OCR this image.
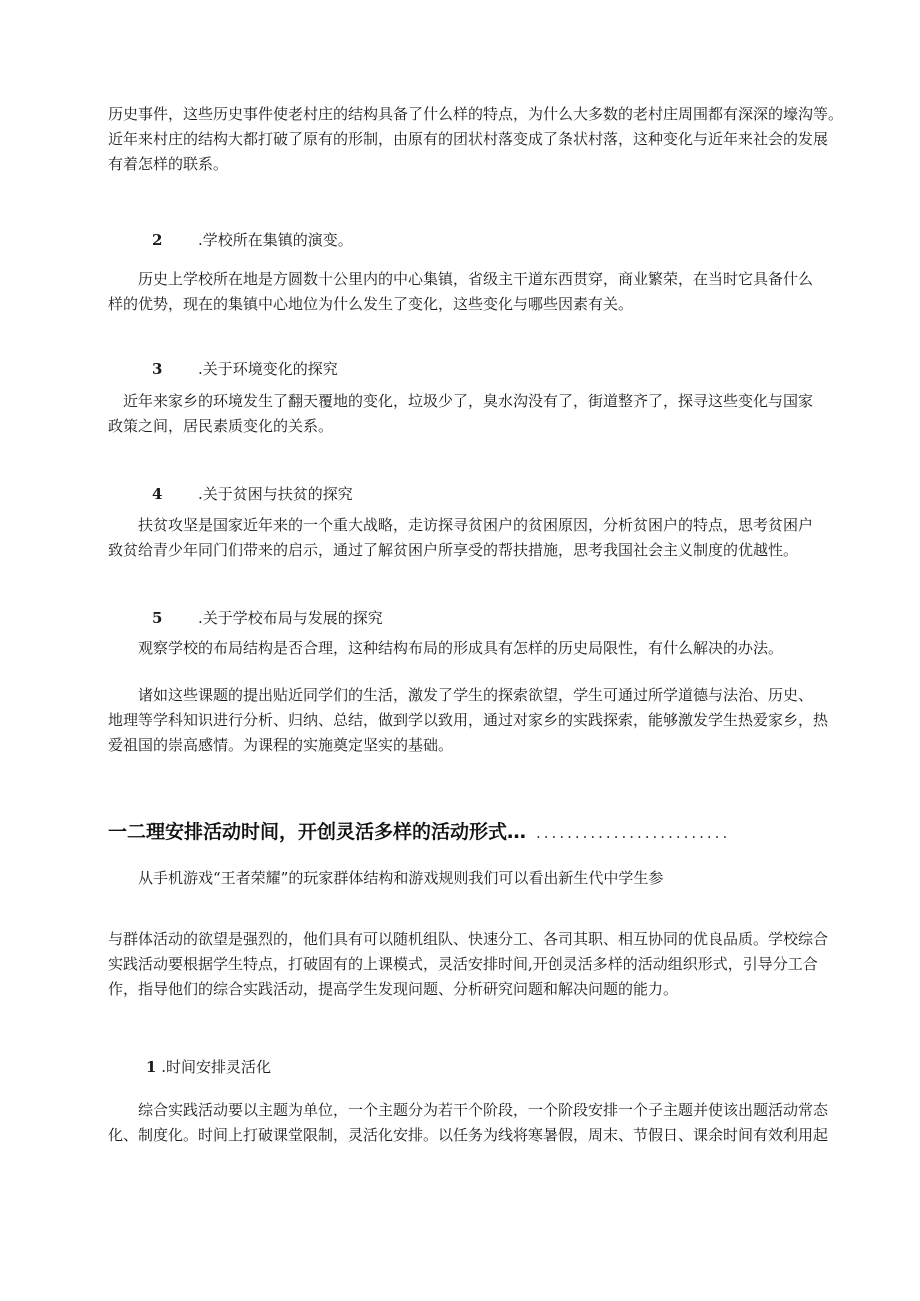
历史事件，这些历史事件使老村庄的结构具备了什么样的特点，为什么大多数的老村庄周围都有深深的壕沟等。
近年来村庄的结构大都打破了原有的形制，由原有的团状村落变成了条状村落，这种变化与近年来社会的发展
有着怎样的联系。
2 .学校所在集镇的演变。
　　历史上学校所在地是方圆数十公里内的中心集镇，省级主干道东西贯穿，商业繁荣，在当时它具备什么
样的优势，现在的集镇中心地位为什么发生了变化，这些变化与哪些因素有关。
3 .关于环境变化的探究
　近年来家乡的环境发生了翻天覆地的变化，垃圾少了，臭水沟没有了，街道整齐了，探寻这些变化与国家
政策之间，居民素质变化的关系。
4 .关于贫困与扶贫的探究
　　扶贫攻坚是国家近年来的一个重大战略，走访探寻贫困户的贫困原因，分析贫困户的特点，思考贫困户
致贫给青少年同门们带来的启示，通过了解贫困户所享受的帮扶措施，思考我国社会主义制度的优越性。
5 .关于学校布局与发展的探究
　　观察学校的布局结构是否合理，这种结构布局的形成具有怎样的历史局限性，有什么解决的办法。
　　诸如这些课题的提出贴近同学们的生活，激发了学生的探索欲望，学生可通过所学道德与法治、历史、
地理等学科知识进行分析、归纳、总结，做到学以致用，通过对家乡的实践探索，能够激发学生热爱家乡，热
爱祖国的崇高感情。为课程的实施奠定坚实的基础。
一二理安排活动时间，开创灵活多样的活动形式… .........................
　　从手机游戏“王者荣耀”的玩家群体结构和游戏规则我们可以看出新生代中学生参
与群体活动的欲望是强烈的，他们具有可以随机组队、快速分工、各司其职、相互协同的优良品质。学校综合
实践活动要根据学生特点，打破固有的上课模式，灵活安排时间,开创灵活多样的活动组织形式，引导分工合
作，指导他们的综合实践活动，提高学生发现问题、分析研究问题和解决问题的能力。
1 .时间安排灵活化
　　综合实践活动要以主题为单位，一个主题分为若干个阶段，一个阶段安排一个子主题并使该出题活动常态
化、制度化。时间上打破课堂限制，灵活化安排。以任务为线将寒暑假，周末、节假日、课余时间有效利用起
